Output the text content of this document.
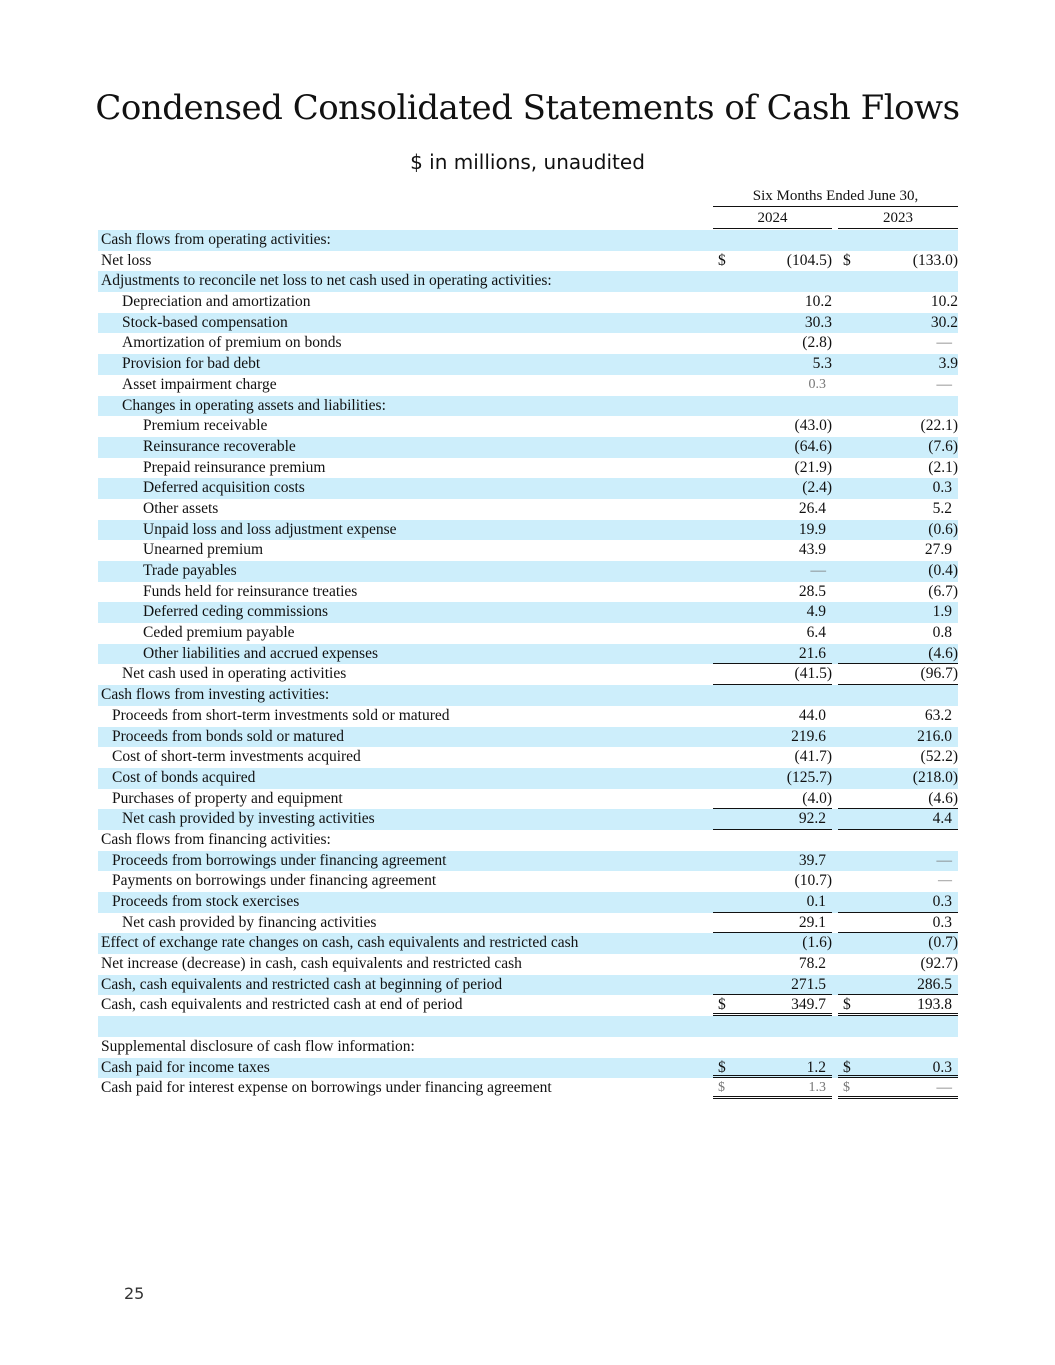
Condensed Consolidated Statements of Cash Flows
$ in millions, unaudited
Six Months Ended June 30,
2024	2023
Cash flows from operating activities:
Net loss	$	(104.5) $	(133.0)
Adjustments to reconcile net loss to net cash used in operating activities:
Depreciation and amortization	10.2	10.2
Stock-based compensation	30.3	30.2
Amortization of premium on bonds	(2.8)	—
Provision for bad debt	5.3	3.9
Asset impairment charge	0.3	—
Changes in operating assets and liabilities:
Premium receivable	(43.0)	(22.1)
Reinsurance recoverable	(64.6)	(7.6)
Prepaid reinsurance premium	(21.9)	(2.1)
Deferred acquisition costs	(2.4)	0.3
Other assets	26.4	5.2
Unpaid loss and loss adjustment expense	19.9	(0.6)
Unearned premium	43.9	27.9
Trade payables	—	(0.4)
Funds held for reinsurance treaties	28.5	(6.7)
Deferred ceding commissions	4.9	1.9
Ceded premium payable	6.4	0.8
Other liabilities and accrued expenses	21.6	(4.6)
Net cash used in operating activities	(41.5)	(96.7)
Cash flows from investing activities:
Proceeds from short-term investments sold or matured	44.0	63.2
Proceeds from bonds sold or matured	219.6	216.0
Cost of short-term investments acquired	(41.7)	(52.2)
Cost of bonds acquired	(125.7)	(218.0)
Purchases of property and equipment	(4.0)	(4.6)
Net cash provided by investing activities	92.2	4.4
Cash flows from financing activities:
Proceeds from borrowings under financing agreement	39.7	—
Payments on borrowings under financing agreement	(10.7)	—
Proceeds from stock exercises	0.1	0.3
Net cash provided by financing activities	29.1	0.3
Effect of exchange rate changes on cash, cash equivalents and restricted cash	(1.6)	(0.7)
Net increase (decrease) in cash, cash equivalents and restricted cash	78.2	(92.7)
Cash, cash equivalents and restricted cash at beginning of period	271.5	286.5
Cash, cash equivalents and restricted cash at end of period	$	349.7 $	193.8
Supplemental disclosure of cash flow information:
Cash paid for income taxes	$	1.2 $	0.3
Cash paid for interest expense on borrowings under financing agreement	$	1.3 $	—
25
